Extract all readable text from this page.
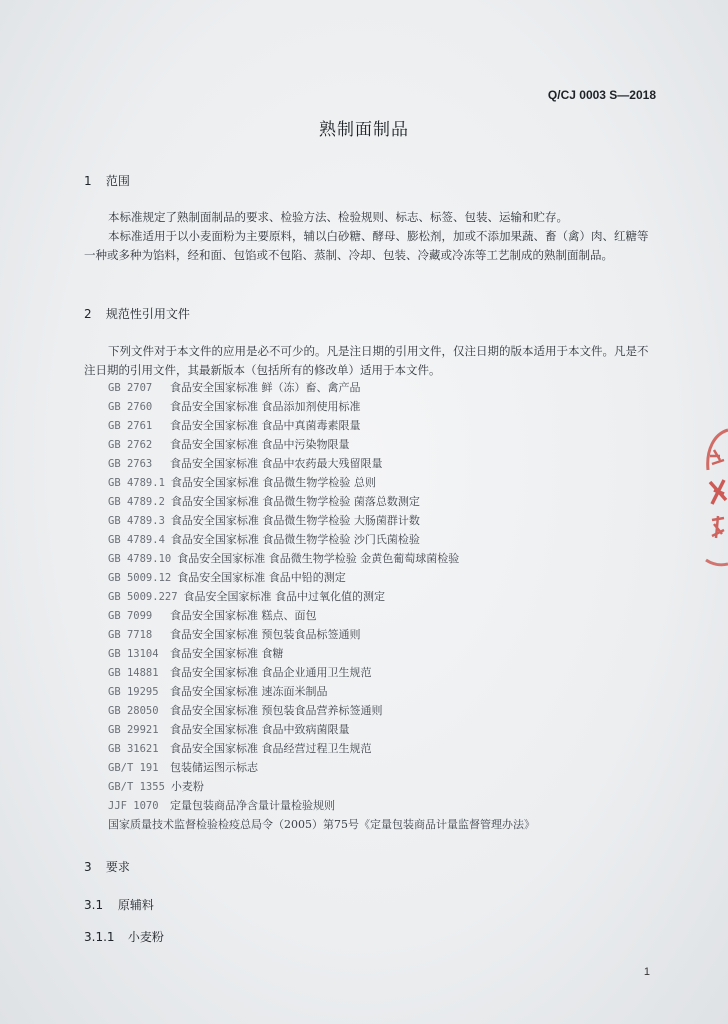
Q/CJ 0003 S—2018
熟制面制品
1 范围

本标准规定了熟制面制品的要求、检验方法、检验规则、标志、标签、包装、运输和贮存。

本标准适用于以小麦面粉为主要原料，辅以白砂糖、酵母、膨松剂，加或不添加果蔬、畜（禽）肉、红糖等一种或多种为馅料，经和面、包馅或不包陷、蒸制、冷却、包装、冷藏或冷冻等工艺制成的熟制面制品。

2 规范性引用文件

下列文件对于本文件的应用是必不可少的。凡是注日期的引用文件，仅注日期的版本适用于本文件。凡是不注日期的引用文件，其最新版本（包括所有的修改单）适用于本文件。

GB 2707 食品安全国家标准 鲜（冻）畜、禽产品
GB 2760 食品安全国家标准 食品添加剂使用标准
GB 2761 食品安全国家标准 食品中真菌毒素限量
GB 2762 食品安全国家标准 食品中污染物限量
GB 2763 食品安全国家标准 食品中农药最大残留限量
GB 4789.1 食品安全国家标准 食品微生物学检验 总则
GB 4789.2 食品安全国家标准 食品微生物学检验 菌落总数测定
GB 4789.3 食品安全国家标准 食品微生物学检验 大肠菌群计数
GB 4789.4 食品安全国家标准 食品微生物学检验 沙门氏菌检验
GB 4789.10 食品安全国家标准 食品微生物学检验 金黄色葡萄球菌检验
GB 5009.12 食品安全国家标准 食品中铅的测定
GB 5009.227 食品安全国家标准 食品中过氧化值的测定
GB 7099 食品安全国家标准 糕点、面包
GB 7718 食品安全国家标准 预包装食品标签通则
GB 13104 食品安全国家标准 食糖
GB 14881 食品安全国家标准 食品企业通用卫生规范
GB 19295 食品安全国家标准 速冻面米制品
GB 28050 食品安全国家标准 预包装食品营养标签通则
GB 29921 食品安全国家标准 食品中致病菌限量
GB 31621 食品安全国家标准 食品经营过程卫生规范
GB/T 191 包装储运图示标志
GB/T 1355 小麦粉
JJF 1070 定量包装商品净含量计量检验规则
国家质量技术监督检验检疫总局令（2005）第75号《定量包装商品计量监督管理办法》
3 要求
3.1 原辅料
3.1.1 小麦粉
1
